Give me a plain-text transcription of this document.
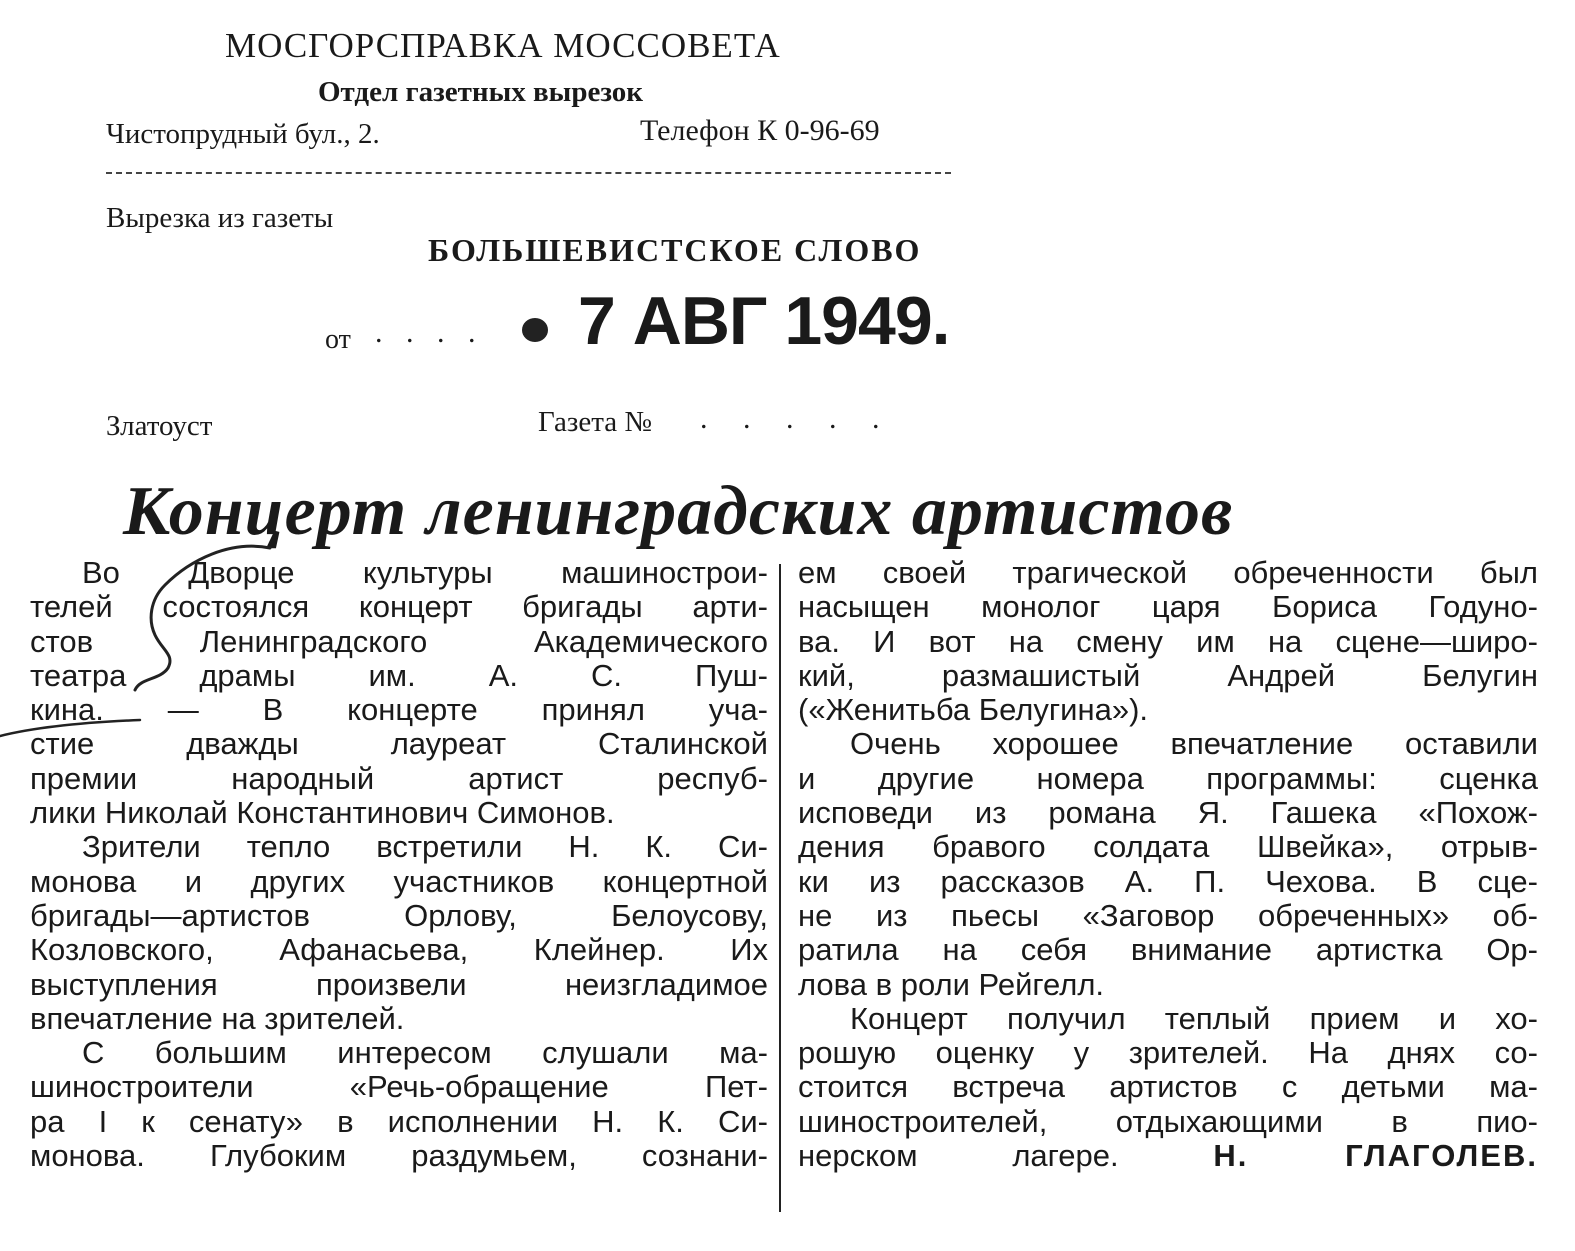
МОСГОРСПРАВКА МОССОВЕТА
Отдел газетных вырезок
Чистопрудный бул., 2.	Телефон К 0-96-69
Вырезка из газеты
БОЛЬШЕВИСТСКОЕ СЛОВО
от . . . . 7 АВГ 1949.
Златоуст	Газета № . . . . .
Концерт ленинградских артистов
Во Дворце культуры машинострои-
телей состоялся концерт бригады арти-
стов Ленинградского Академического
театра драмы им. А. С. Пуш-
кина. — В концерте принял уча-
стие дважды лауреат Сталинской
премии народный артист респуб-
лики Николай Константинович Симонов.
Зрители тепло встретили Н. К. Си-
монова и других участников концертной
бригады—артистов Орлову, Белоусову,
Козловского, Афанасьева, Клейнер. Их
выступления произвели неизгладимое
впечатление на зрителей.
С большим интересом слушали ма-
шиностроители «Речь-обращение Пет-
ра I к сенату» в исполнении Н. К. Си-
монова. Глубоким раздумьем, сознани-
ем своей трагической обреченности был
насыщен монолог царя Бориса Годуно-
ва. И вот на смену им на сцене—широ-
кий, размашистый Андрей Белугин
(«Женитьба Белугина»).
Очень хорошее впечатление оставили
и другие номера программы: сценка
исповеди из романа Я. Гашека «Похож-
дения бравого солдата Швейка», отрыв-
ки из рассказов А. П. Чехова. В сце-
не из пьесы «Заговор обреченных» об-
ратила на себя внимание артистка Ор-
лова в роли Рейгелл.
Концерт получил теплый прием и хо-
рошую оценку у зрителей. На днях со-
стоится встреча артистов с детьми ма-
шиностроителей, отдыхающими в пио-
нерском лагере.	Н. ГЛАГОЛЕВ.
